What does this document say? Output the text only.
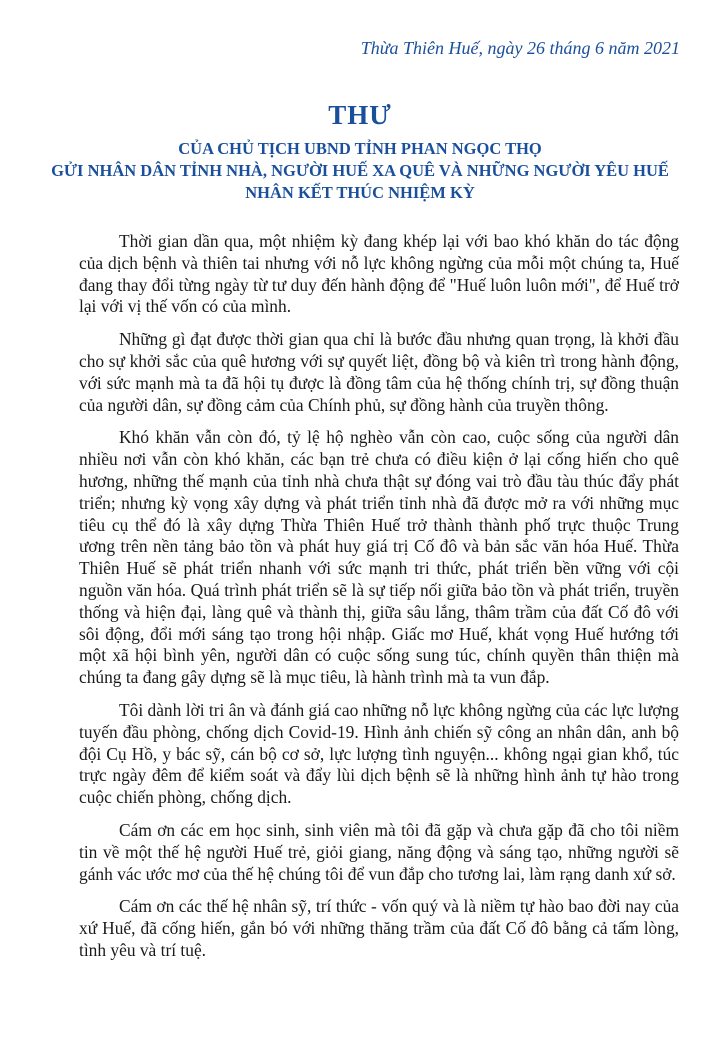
Thừa Thiên Huế, ngày 26 tháng 6 năm 2021

THƯ
CỦA CHỦ TỊCH UBND TỈNH PHAN NGỌC THỌ
GỬI NHÂN DÂN TỈNH NHÀ, NGƯỜI HUẾ XA QUÊ VÀ NHỮNG NGƯỜI YÊU HUẾ
NHÂN KẾT THÚC NHIỆM KỲ

Thời gian dần qua, một nhiệm kỳ đang khép lại với bao khó khăn do tác động của dịch bệnh và thiên tai nhưng với nỗ lực không ngừng của mỗi một chúng ta, Huế đang thay đổi từng ngày từ tư duy đến hành động để "Huế luôn luôn mới", để Huế trở lại với vị thế vốn có của mình.

Những gì đạt được thời gian qua chỉ là bước đầu nhưng quan trọng, là khởi đầu cho sự khởi sắc của quê hương với sự quyết liệt, đồng bộ và kiên trì trong hành động, với sức mạnh mà ta đã hội tụ được là đồng tâm của hệ thống chính trị, sự đồng thuận của người dân, sự đồng cảm của Chính phủ, sự đồng hành của truyền thông.

Khó khăn vẫn còn đó, tỷ lệ hộ nghèo vẫn còn cao, cuộc sống của người dân nhiều nơi vẫn còn khó khăn, các bạn trẻ chưa có điều kiện ở lại cống hiến cho quê hương, những thế mạnh của tỉnh nhà chưa thật sự đóng vai trò đầu tàu thúc đẩy phát triển; nhưng kỳ vọng xây dựng và phát triển tỉnh nhà đã được mở ra với những mục tiêu cụ thể đó là xây dựng Thừa Thiên Huế trở thành thành phố trực thuộc Trung ương trên nền tảng bảo tồn và phát huy giá trị Cố đô và bản sắc văn hóa Huế. Thừa Thiên Huế sẽ phát triển nhanh với sức mạnh tri thức, phát triển bền vững với cội nguồn văn hóa. Quá trình phát triển sẽ là sự tiếp nối giữa bảo tồn và phát triển, truyền thống và hiện đại, làng quê và thành thị, giữa sâu lắng, thâm trầm của đất Cố đô với sôi động, đổi mới sáng tạo trong hội nhập. Giấc mơ Huế, khát vọng Huế hướng tới một xã hội bình yên, người dân có cuộc sống sung túc, chính quyền thân thiện mà chúng ta đang gây dựng sẽ là mục tiêu, là hành trình mà ta vun đắp.

Tôi dành lời tri ân và đánh giá cao những nỗ lực không ngừng của các lực lượng tuyến đầu phòng, chống dịch Covid-19. Hình ảnh chiến sỹ công an nhân dân, anh bộ đội Cụ Hồ, y bác sỹ, cán bộ cơ sở, lực lượng tình nguyện... không ngại gian khổ, túc trực ngày đêm để kiểm soát và đẩy lùi dịch bệnh sẽ là những hình ảnh tự hào trong cuộc chiến phòng, chống dịch.

Cám ơn các em học sinh, sinh viên mà tôi đã gặp và chưa gặp đã cho tôi niềm tin về một thế hệ người Huế trẻ, giỏi giang, năng động và sáng tạo, những người sẽ gánh vác ước mơ của thế hệ chúng tôi để vun đắp cho tương lai, làm rạng danh xứ sở.

Cám ơn các thế hệ nhân sỹ, trí thức - vốn quý và là niềm tự hào bao đời nay của xứ Huế, đã cống hiến, gắn bó với những thăng trầm của đất Cố đô bằng cả tấm lòng, tình yêu và trí tuệ.
